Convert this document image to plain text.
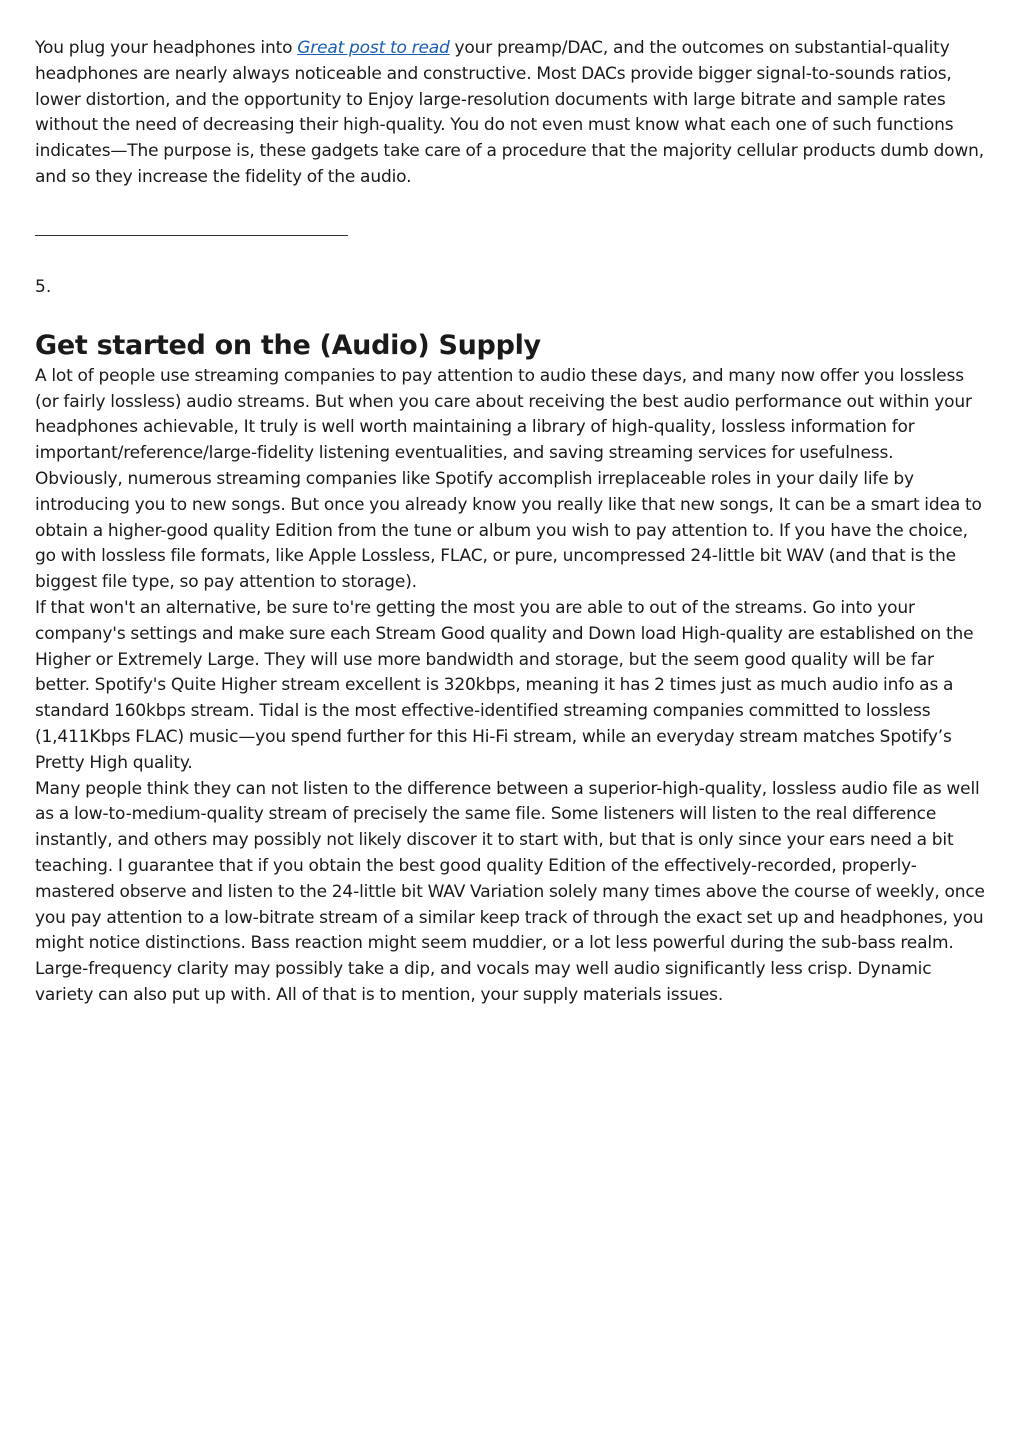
You plug your headphones into Great post to read your preamp/DAC, and the outcomes on substantial-quality headphones are nearly always noticeable and constructive. Most DACs provide bigger signal-to-sounds ratios, lower distortion, and the opportunity to Enjoy large-resolution documents with large bitrate and sample rates without the need of decreasing their high-quality. You do not even must know what each one of such functions indicates—The purpose is, these gadgets take care of a procedure that the majority cellular products dumb down, and so they increase the fidelity of the audio.

5.
Get started on the (Audio) Supply

A lot of people use streaming companies to pay attention to audio these days, and many now offer you lossless (or fairly lossless) audio streams. But when you care about receiving the best audio performance out within your headphones achievable, It truly is well worth maintaining a library of high-quality, lossless information for important/reference/large-fidelity listening eventualities, and saving streaming services for usefulness.

Obviously, numerous streaming companies like Spotify accomplish irreplaceable roles in your daily life by introducing you to new songs. But once you already know you really like that new songs, It can be a smart idea to obtain a higher-good quality Edition from the tune or album you wish to pay attention to. If you have the choice, go with lossless file formats, like Apple Lossless, FLAC, or pure, uncompressed 24-little bit WAV (and that is the biggest file type, so pay attention to storage).

If that won't an alternative, be sure to're getting the most you are able to out of the streams. Go into your company's settings and make sure each Stream Good quality and Down load High-quality are established on the Higher or Extremely Large. They will use more bandwidth and storage, but the seem good quality will be far better. Spotify's Quite Higher stream excellent is 320kbps, meaning it has 2 times just as much audio info as a standard 160kbps stream. Tidal is the most effective-identified streaming companies committed to lossless (1,411Kbps FLAC) music—you spend further for this Hi-Fi stream, while an everyday stream matches Spotify’s Pretty High quality.

Many people think they can not listen to the difference between a superior-high-quality, lossless audio file as well as a low-to-medium-quality stream of precisely the same file. Some listeners will listen to the real difference instantly, and others may possibly not likely discover it to start with, but that is only since your ears need a bit teaching. I guarantee that if you obtain the best good quality Edition of the effectively-recorded, properly-mastered observe and listen to the 24-little bit WAV Variation solely many times above the course of weekly, once you pay attention to a low-bitrate stream of a similar keep track of through the exact set up and headphones, you might notice distinctions. Bass reaction might seem muddier, or a lot less powerful during the sub-bass realm. Large-frequency clarity may possibly take a dip, and vocals may well audio significantly less crisp. Dynamic variety can also put up with. All of that is to mention, your supply materials issues.
